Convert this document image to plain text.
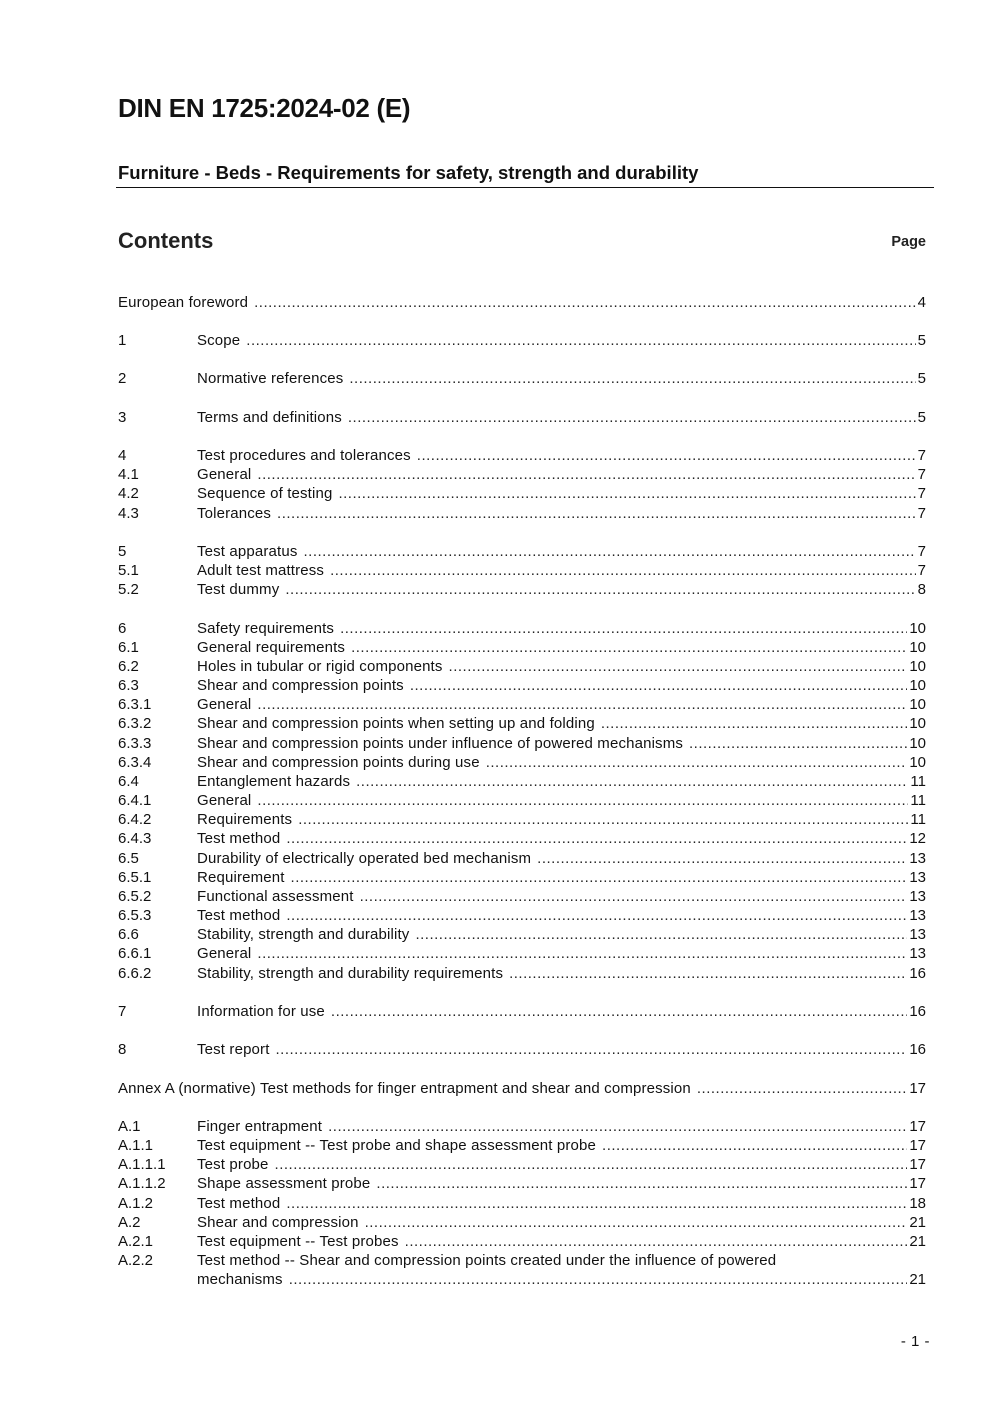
DIN EN 1725:2024-02 (E)
Furniture - Beds - Requirements for safety, strength and durability
Contents	Page
European foreword .....	4
1	Scope .....	5
2	Normative references .....	5
3	Terms and definitions .....	5
4	Test procedures and tolerances .....	7
4.1	General .....	7
4.2	Sequence of testing .....	7
4.3	Tolerances .....	7
5	Test apparatus .....	7
5.1	Adult test mattress .....	7
5.2	Test dummy .....	8
6	Safety requirements .....	10
6.1	General requirements .....	10
6.2	Holes in tubular or rigid components .....	10
6.3	Shear and compression points .....	10
6.3.1	General .....	10
6.3.2	Shear and compression points when setting up and folding .....	10
6.3.3	Shear and compression points under influence of powered mechanisms .....	10
6.3.4	Shear and compression points during use .....	10
6.4	Entanglement hazards .....	11
6.4.1	General .....	11
6.4.2	Requirements .....	11
6.4.3	Test method .....	12
6.5	Durability of electrically operated bed mechanism .....	13
6.5.1	Requirement .....	13
6.5.2	Functional assessment .....	13
6.5.3	Test method .....	13
6.6	Stability, strength and durability .....	13
6.6.1	General .....	13
6.6.2	Stability, strength and durability requirements .....	16
7	Information for use .....	16
8	Test report .....	16
Annex A (normative) Test methods for finger entrapment and shear and compression .....	17
A.1	Finger entrapment .....	17
A.1.1	Test equipment -- Test probe and shape assessment probe .....	17
A.1.1.1 Test probe .....	17
A.1.1.2 Shape assessment probe .....	17
A.1.2	Test method .....	18
A.2	Shear and compression .....	21
A.2.1	Test equipment -- Test probes .....	21
A.2.2	Test method -- Shear and compression points created under the influence of powered
mechanisms .....	21
- 1 -
